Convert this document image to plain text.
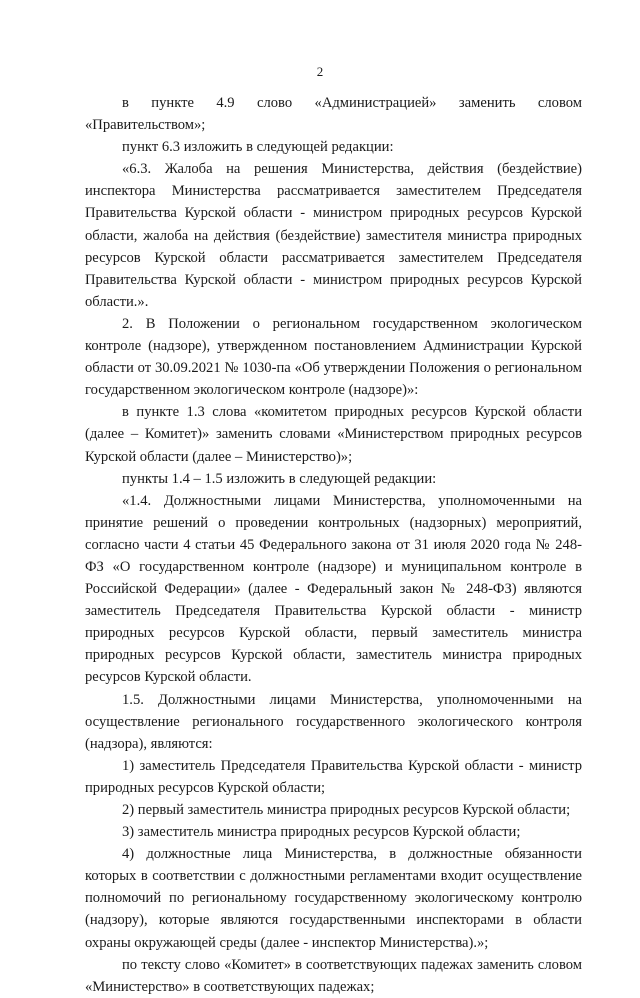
2

в пункте 4.9 слово «Администрацией» заменить словом «Правительством»;

пункт 6.3 изложить в следующей редакции:

«6.3. Жалоба на решения Министерства, действия (бездействие) инспектора Министерства рассматривается заместителем Председателя Правительства Курской области - министром природных ресурсов Курской области, жалоба на действия (бездействие) заместителя министра природных ресурсов Курской области рассматривается заместителем Председателя Правительства Курской области - министром природных ресурсов Курской области.».

2. В Положении о региональном государственном экологическом контроле (надзоре), утвержденном постановлением Администрации Курской области от 30.09.2021 № 1030-па «Об утверждении Положения о региональном государственном экологическом контроле (надзоре)»:

в пункте 1.3 слова «комитетом природных ресурсов Курской области (далее – Комитет)» заменить словами «Министерством природных ресурсов Курской области (далее – Министерство)»;

пункты 1.4 – 1.5 изложить в следующей редакции:

«1.4. Должностными лицами Министерства, уполномоченными на принятие решений о проведении контрольных (надзорных) мероприятий, согласно части 4 статьи 45 Федерального закона от 31 июля 2020 года № 248-ФЗ «О государственном контроле (надзоре) и муниципальном контроле в Российской Федерации» (далее - Федеральный закон № 248-ФЗ) являются заместитель Председателя Правительства Курской области - министр природных ресурсов Курской области, первый заместитель министра природных ресурсов Курской области, заместитель министра природных ресурсов Курской области.

1.5. Должностными лицами Министерства, уполномоченными на осуществление регионального государственного экологического контроля (надзора), являются:

1) заместитель Председателя Правительства Курской области - министр природных ресурсов Курской области;

2) первый заместитель министра природных ресурсов Курской области;

3) заместитель министра природных ресурсов Курской области;

4) должностные лица Министерства, в должностные обязанности которых в соответствии с должностными регламентами входит осуществление полномочий по региональному государственному экологическому контролю (надзору), которые являются государственными инспекторами в области охраны окружающей среды (далее - инспектор Министерства).»;

по тексту слово «Комитет» в соответствующих падежах заменить словом «Министерство» в соответствующих падежах;
